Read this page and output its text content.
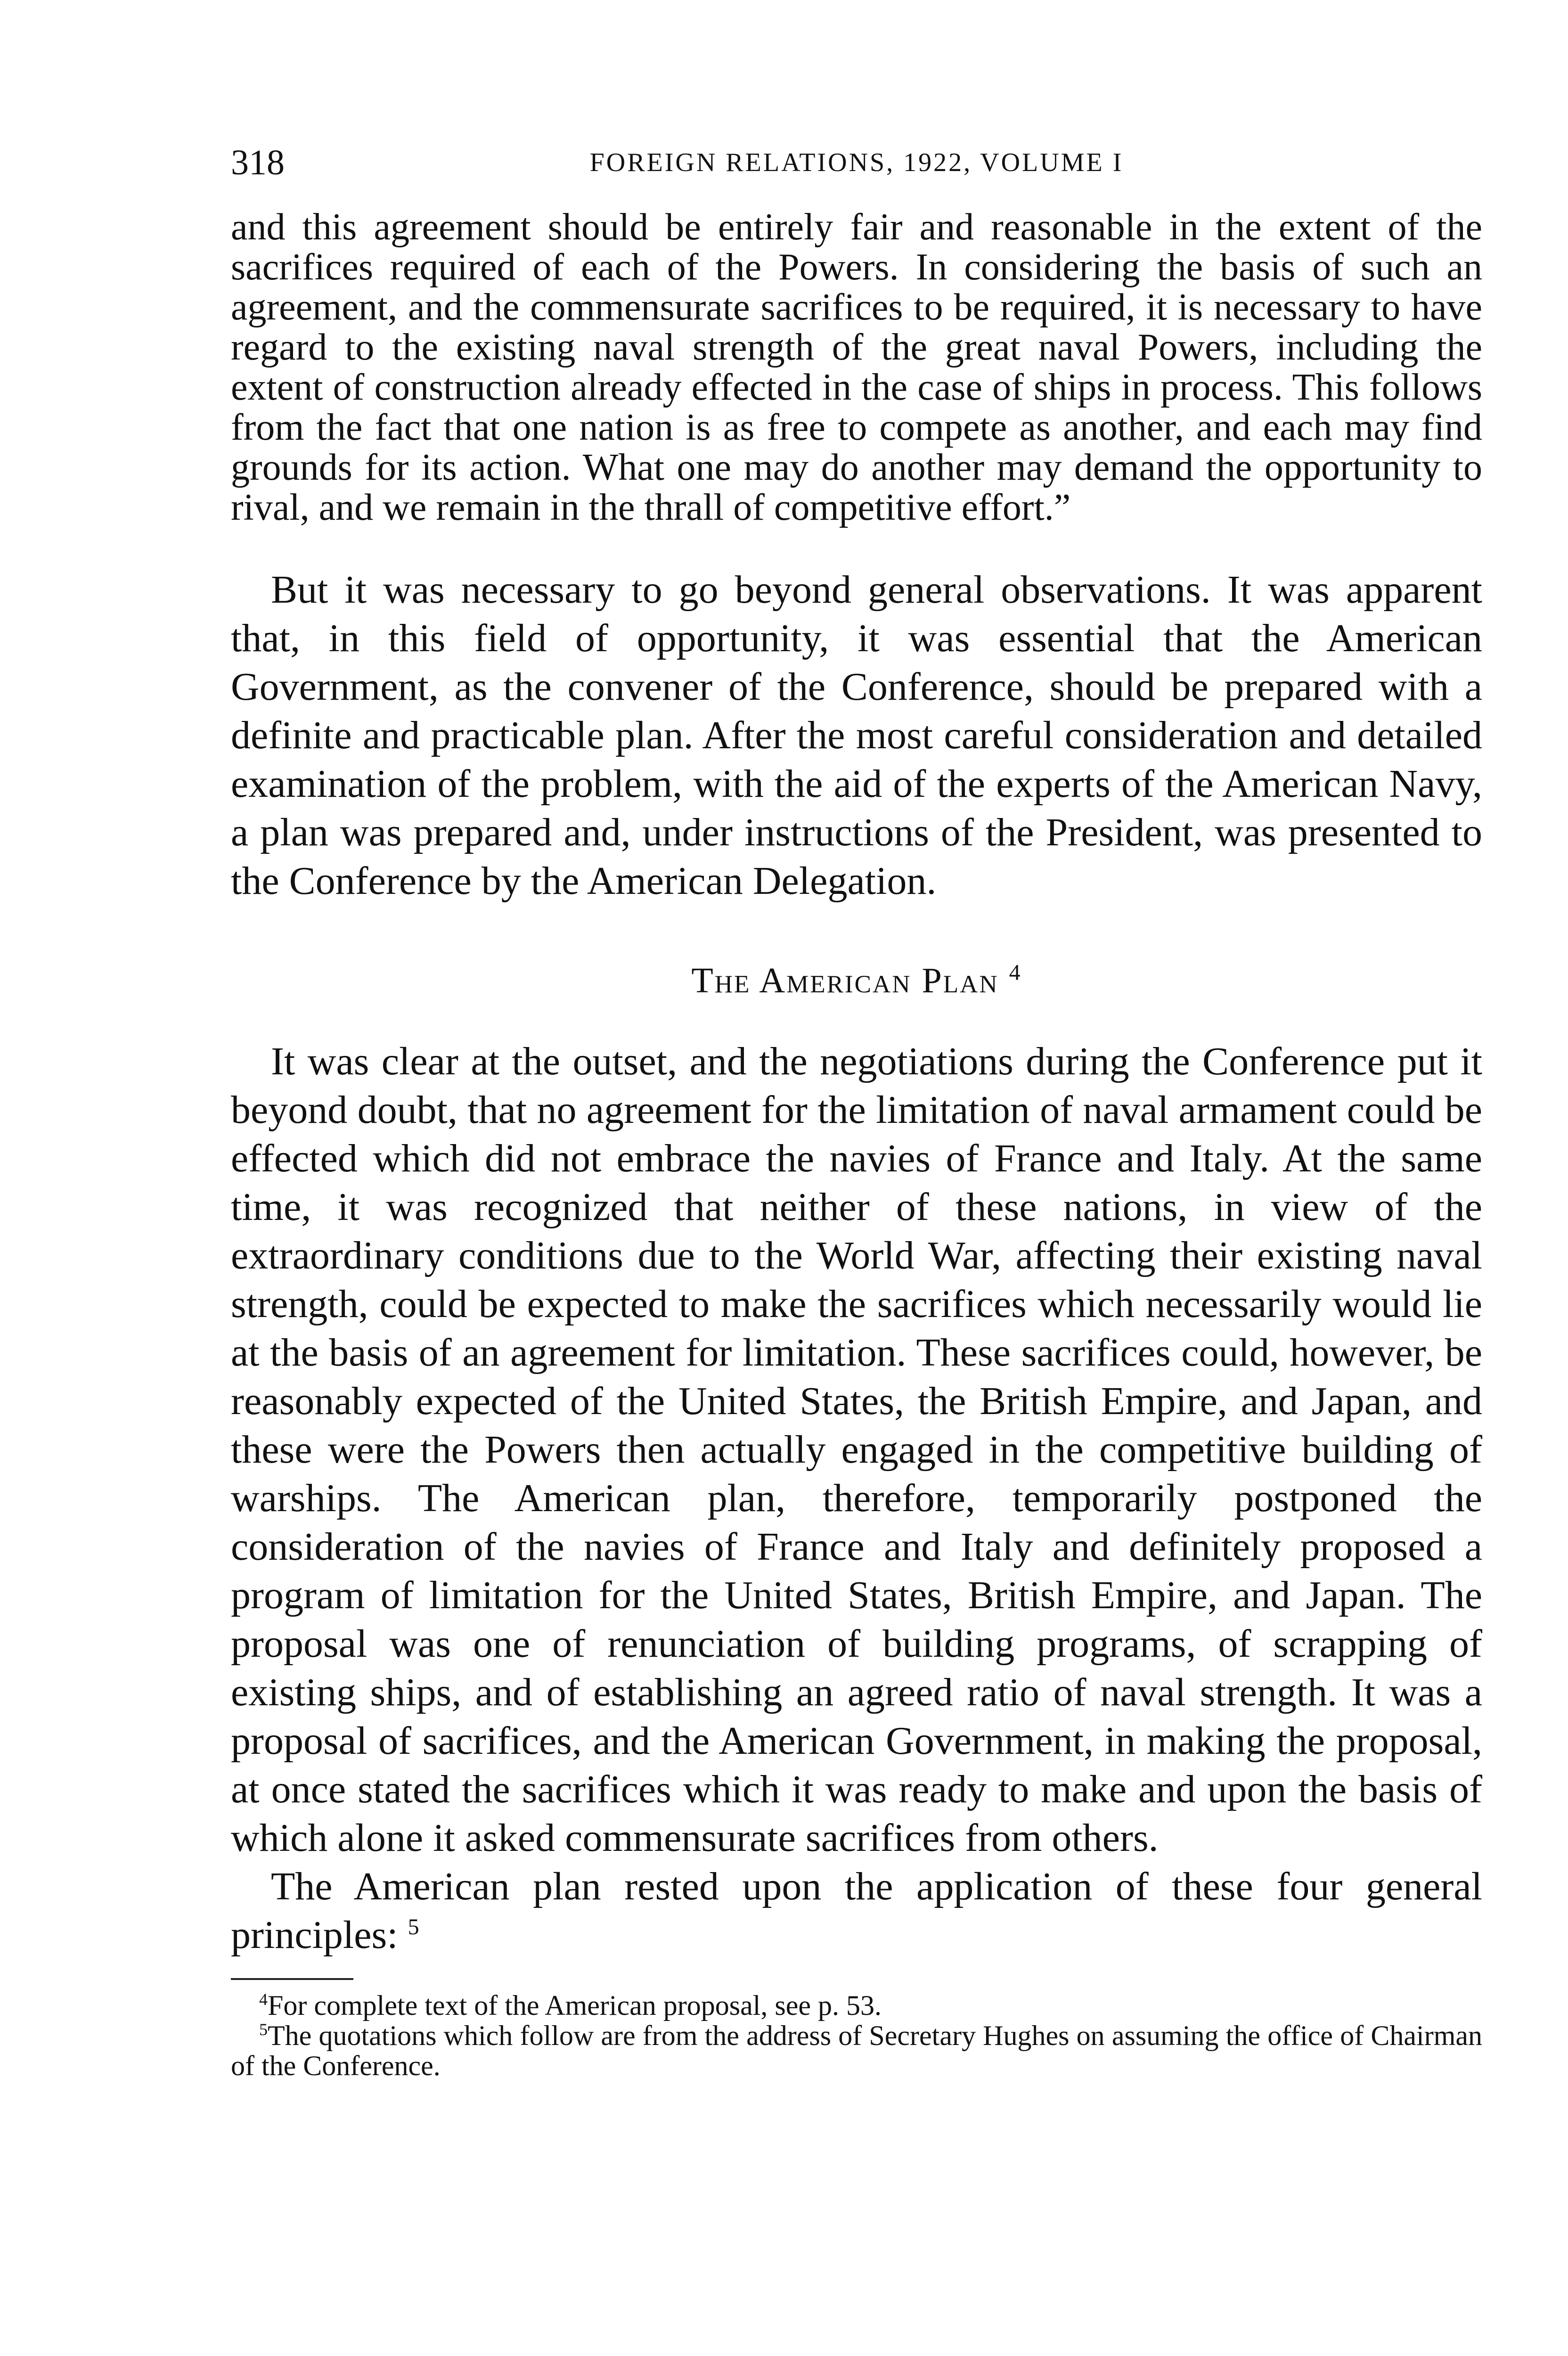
318	FOREIGN RELATIONS, 1922, VOLUME I

and this agreement should be entirely fair and reasonable in the extent of the sacrifices required of each of the Powers. In considering the basis of such an agreement, and the commensurate sacrifices to be required, it is necessary to have regard to the existing naval strength of the great naval Powers, including the extent of construction already effected in the case of ships in process. This follows from the fact that one nation is as free to compete as another, and each may find grounds for its action. What one may do another may demand the opportunity to rival, and we remain in the thrall of competitive effort.”

But it was necessary to go beyond general observations. It was apparent that, in this field of opportunity, it was essential that the American Government, as the convener of the Conference, should be prepared with a definite and practicable plan. After the most careful consideration and detailed examination of the problem, with the aid of the experts of the American Navy, a plan was prepared and, under instructions of the President, was presented to the Conference by the American Delegation.

The American Plan $^4$

It was clear at the outset, and the negotiations during the Conference put it beyond doubt, that no agreement for the limitation of naval armament could be effected which did not embrace the navies of France and Italy. At the same time, it was recognized that neither of these nations, in view of the extraordinary conditions due to the World War, affecting their existing naval strength, could be expected to make the sacrifices which necessarily would lie at the basis of an agreement for limitation. These sacrifices could, however, be reasonably expected of the United States, the British Empire, and Japan, and these were the Powers then actually engaged in the competitive building of warships. The American plan, therefore, temporarily postponed the consideration of the navies of France and Italy and definitely proposed a program of limitation for the United States, British Empire, and Japan. The proposal was one of renunciation of building programs, of scrapping of existing ships, and of establishing an agreed ratio of naval strength. It was a proposal of sacrifices, and the American Government, in making the proposal, at once stated the sacrifices which it was ready to make and upon the basis of which alone it asked commensurate sacrifices from others.

The American plan rested upon the application of these four general principles: $^5$

$^4$For complete text of the American proposal, see p. 53.

$^5$The quotations which follow are from the address of Secretary Hughes on assuming the office of Chairman of the Conference.
